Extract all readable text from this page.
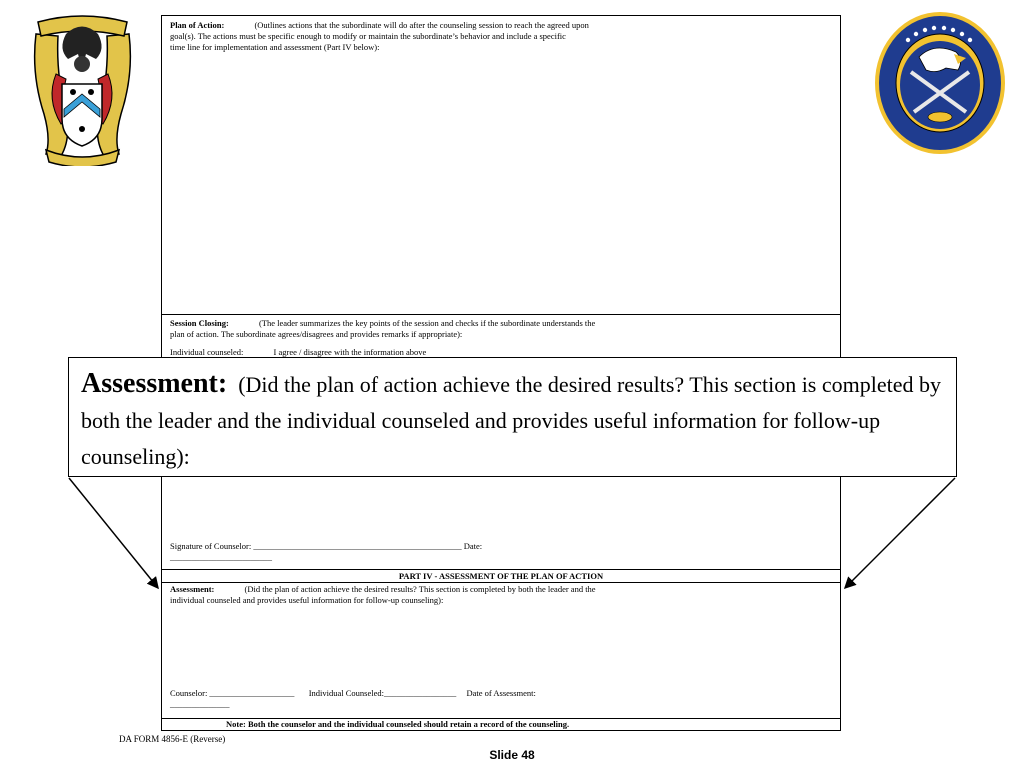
Plan of Action:	(Outlines actions that the subordinate will do after the counseling session to reach the agreed upon
goal(s). The actions must be specific enough to modify or maintain the subordinate’s behavior and include a specific
time line for implementation and assessment (Part IV below):
Session Closing:	(The leader summarizes the key points of the session and checks if the subordinate understands the
plan of action. The subordinate agrees/disagrees and provides remarks if appropriate):
Individual counseled:	I agree / disagree with the information above
Signature of Counselor: _________________________________________________ Date:
________________________
PART IV - ASSESSMENT OF THE PLAN OF ACTION
Assessment:	(Did the plan of action achieve the desired results? This section is completed by both the leader and the
individual counseled and provides useful information for follow-up counseling):
Counselor: ____________________ Individual Counseled:_________________ Date of Assessment:
______________
Note: Both the counselor and the individual counseled should retain a record of the counseling.
Assessment: (Did the plan of action achieve the desired results? This section is completed by both the leader and the individual counseled and provides useful information for follow-up counseling):
DA FORM 4856-E (Reverse)
Slide 48
